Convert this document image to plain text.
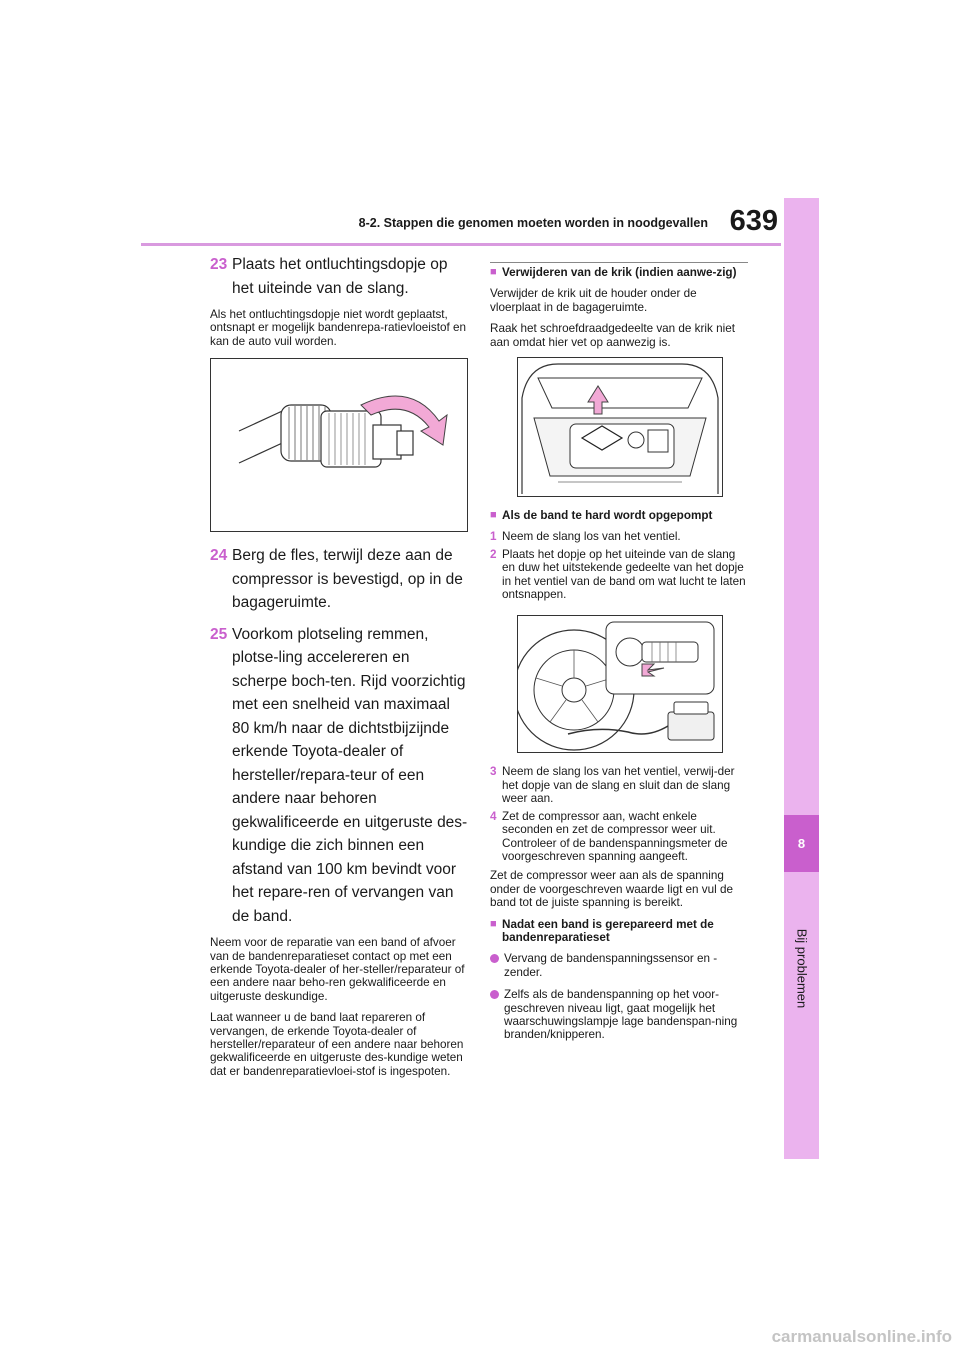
8
Bij problemen
8-2. Stappen die genomen moeten worden in noodgevallen 639
23 Plaats het ontluchtingsdopje op het uiteinde van de slang.

Als het ontluchtingsdopje niet wordt geplaatst, ontsnapt er mogelijk bandenrepa-ratievloeistof en kan de auto vuil worden.

24 Berg de fles, terwijl deze aan de compressor is bevestigd, op in de bagageruimte.
25 Voorkom plotseling remmen, plotse-ling accelereren en scherpe boch-ten. Rijd voorzichtig met een snelheid van maximaal 80 km/h naar de dichtstbijzijnde erkende Toyota-dealer of hersteller/repara-teur of een andere naar behoren gekwalificeerde en uitgeruste des-kundige die zich binnen een afstand van 100 km bevindt voor het repare-ren of vervangen van de band.

Neem voor de reparatie van een band of afvoer van de bandenreparatieset contact op met een erkende Toyota-dealer of her-steller/reparateur of een andere naar beho-ren gekwalificeerde en uitgeruste deskundige.

Laat wanneer u de band laat repareren of vervangen, de erkende Toyota-dealer of hersteller/reparateur of een andere naar behoren gekwalificeerde en uitgeruste des-kundige weten dat er bandenreparatievloei-stof is ingespoten.

■ Verwijderen van de krik (indien aanwe-zig)

Verwijder de krik uit de houder onder de vloerplaat in de bagageruimte.

Raak het schroefdraadgedeelte van de krik niet aan omdat hier vet op aanwezig is.

■ Als de band te hard wordt opgepompt
1 Neem de slang los van het ventiel.
2 Plaats het dopje op het uiteinde van de slang en duw het uitstekende gedeelte van het dopje in het ventiel van de band om wat lucht te laten ontsnappen.
3 Neem de slang los van het ventiel, verwij-der het dopje van de slang en sluit dan de slang weer aan.
4 Zet de compressor aan, wacht enkele seconden en zet de compressor weer uit. Controleer of de bandenspanningsmeter de voorgeschreven spanning aangeeft.

Zet de compressor weer aan als de spanning onder de voorgeschreven waarde ligt en vul de band tot de juiste spanning is bereikt.

■ Nadat een band is gerepareerd met de bandenreparatieset
Vervang de bandenspanningssensor en -zender.
Zelfs als de bandenspanning op het voor-geschreven niveau ligt, gaat mogelijk het waarschuwingslampje lage bandenspan-ning branden/knipperen.
carmanualsonline.info
